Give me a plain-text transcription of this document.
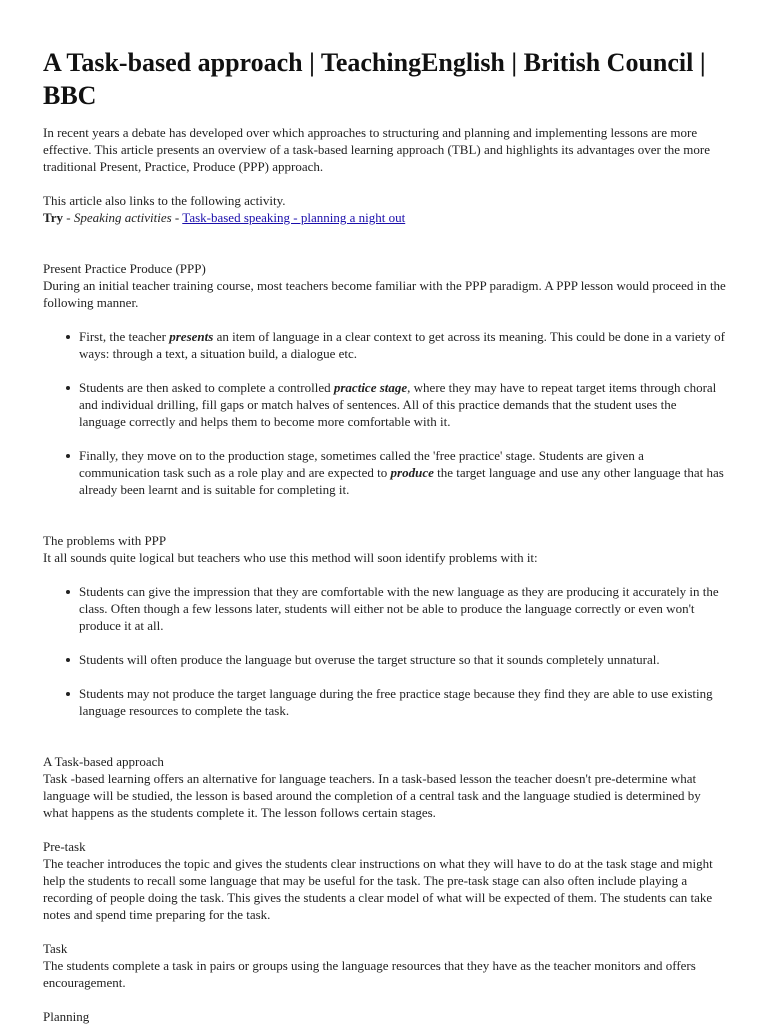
A Task-based approach | TeachingEnglish | British Council | BBC

In recent years a debate has developed over which approaches to structuring and planning and implementing lessons are more effective. This article presents an overview of a task-based learning approach (TBL) and highlights its advantages over the more traditional Present, Practice, Produce (PPP) approach.

This article also links to the following activity.

Try - Speaking activities - Task-based speaking - planning a night out

Present Practice Produce (PPP)

During an initial teacher training course, most teachers become familiar with the PPP paradigm. A PPP lesson would proceed in the following manner.

First, the teacher presents an item of language in a clear context to get across its meaning. This could be done in a variety of ways: through a text, a situation build, a dialogue etc.
Students are then asked to complete a controlled practice stage, where they may have to repeat target items through choral and individual drilling, fill gaps or match halves of sentences. All of this practice demands that the student uses the language correctly and helps them to become more comfortable with it.
Finally, they move on to the production stage, sometimes called the 'free practice' stage. Students are given a communication task such as a role play and are expected to produce the target language and use any other language that has already been learnt and is suitable for completing it.

The problems with PPP

It all sounds quite logical but teachers who use this method will soon identify problems with it:

Students can give the impression that they are comfortable with the new language as they are producing it accurately in the class. Often though a few lessons later, students will either not be able to produce the language correctly or even won't produce it at all.
Students will often produce the language but overuse the target structure so that it sounds completely unnatural.
Students may not produce the target language during the free practice stage because they find they are able to use existing language resources to complete the task.

A Task-based approach

Task -based learning offers an alternative for language teachers. In a task-based lesson the teacher doesn't pre-determine what language will be studied, the lesson is based around the completion of a central task and the language studied is determined by what happens as the students complete it. The lesson follows certain stages.

Pre-task

The teacher introduces the topic and gives the students clear instructions on what they will have to do at the task stage and might help the students to recall some language that may be useful for the task. The pre-task stage can also often include playing a recording of people doing the task. This gives the students a clear model of what will be expected of them. The students can take notes and spend time preparing for the task.

Task

The students complete a task in pairs or groups using the language resources that they have as the teacher monitors and offers encouragement.

Planning
